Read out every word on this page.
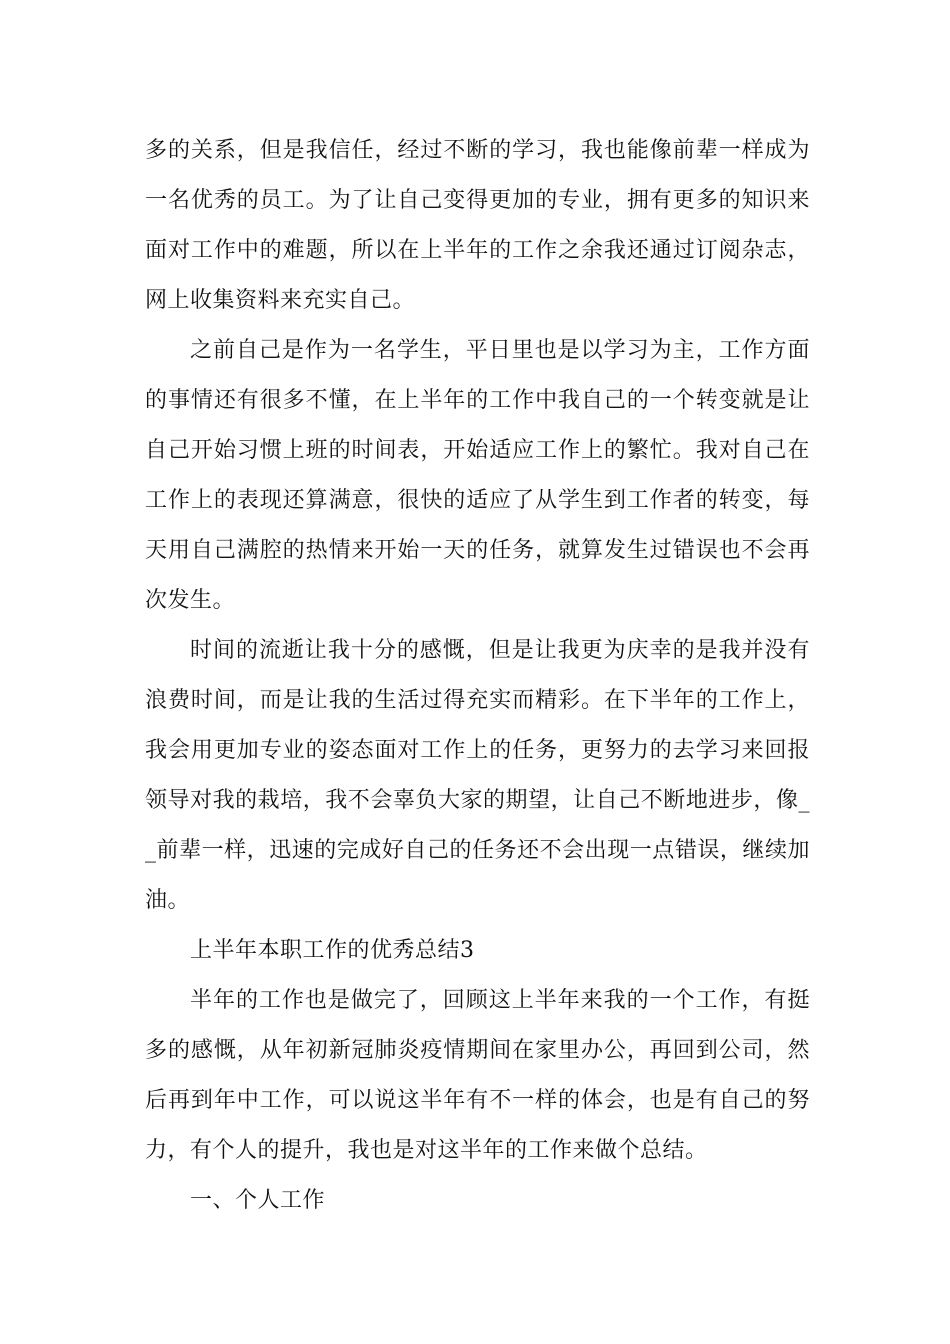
多的关系，但是我信任，经过不断的学习，我也能像前辈一样成为
一名优秀的员工。为了让自己变得更加的专业，拥有更多的知识来
面对工作中的难题，所以在上半年的工作之余我还通过订阅杂志，
网上收集资料来充实自己。
之前自己是作为一名学生，平日里也是以学习为主，工作方面
的事情还有很多不懂，在上半年的工作中我自己的一个转变就是让
自己开始习惯上班的时间表，开始适应工作上的繁忙。我对自己在
工作上的表现还算满意，很快的适应了从学生到工作者的转变，每
天用自己满腔的热情来开始一天的任务，就算发生过错误也不会再
次发生。
时间的流逝让我十分的感慨，但是让我更为庆幸的是我并没有
浪费时间，而是让我的生活过得充实而精彩。在下半年的工作上，
我会用更加专业的姿态面对工作上的任务，更努力的去学习来回报
领导对我的栽培，我不会辜负大家的期望，让自己不断地进步，像_
_前辈一样，迅速的完成好自己的任务还不会出现一点错误，继续加
油。
上半年本职工作的优秀总结3
半年的工作也是做完了，回顾这上半年来我的一个工作，有挺
多的感慨，从年初新冠肺炎疫情期间在家里办公，再回到公司，然
后再到年中工作，可以说这半年有不一样的体会，也是有自己的努
力，有个人的提升，我也是对这半年的工作来做个总结。
一、个人工作
